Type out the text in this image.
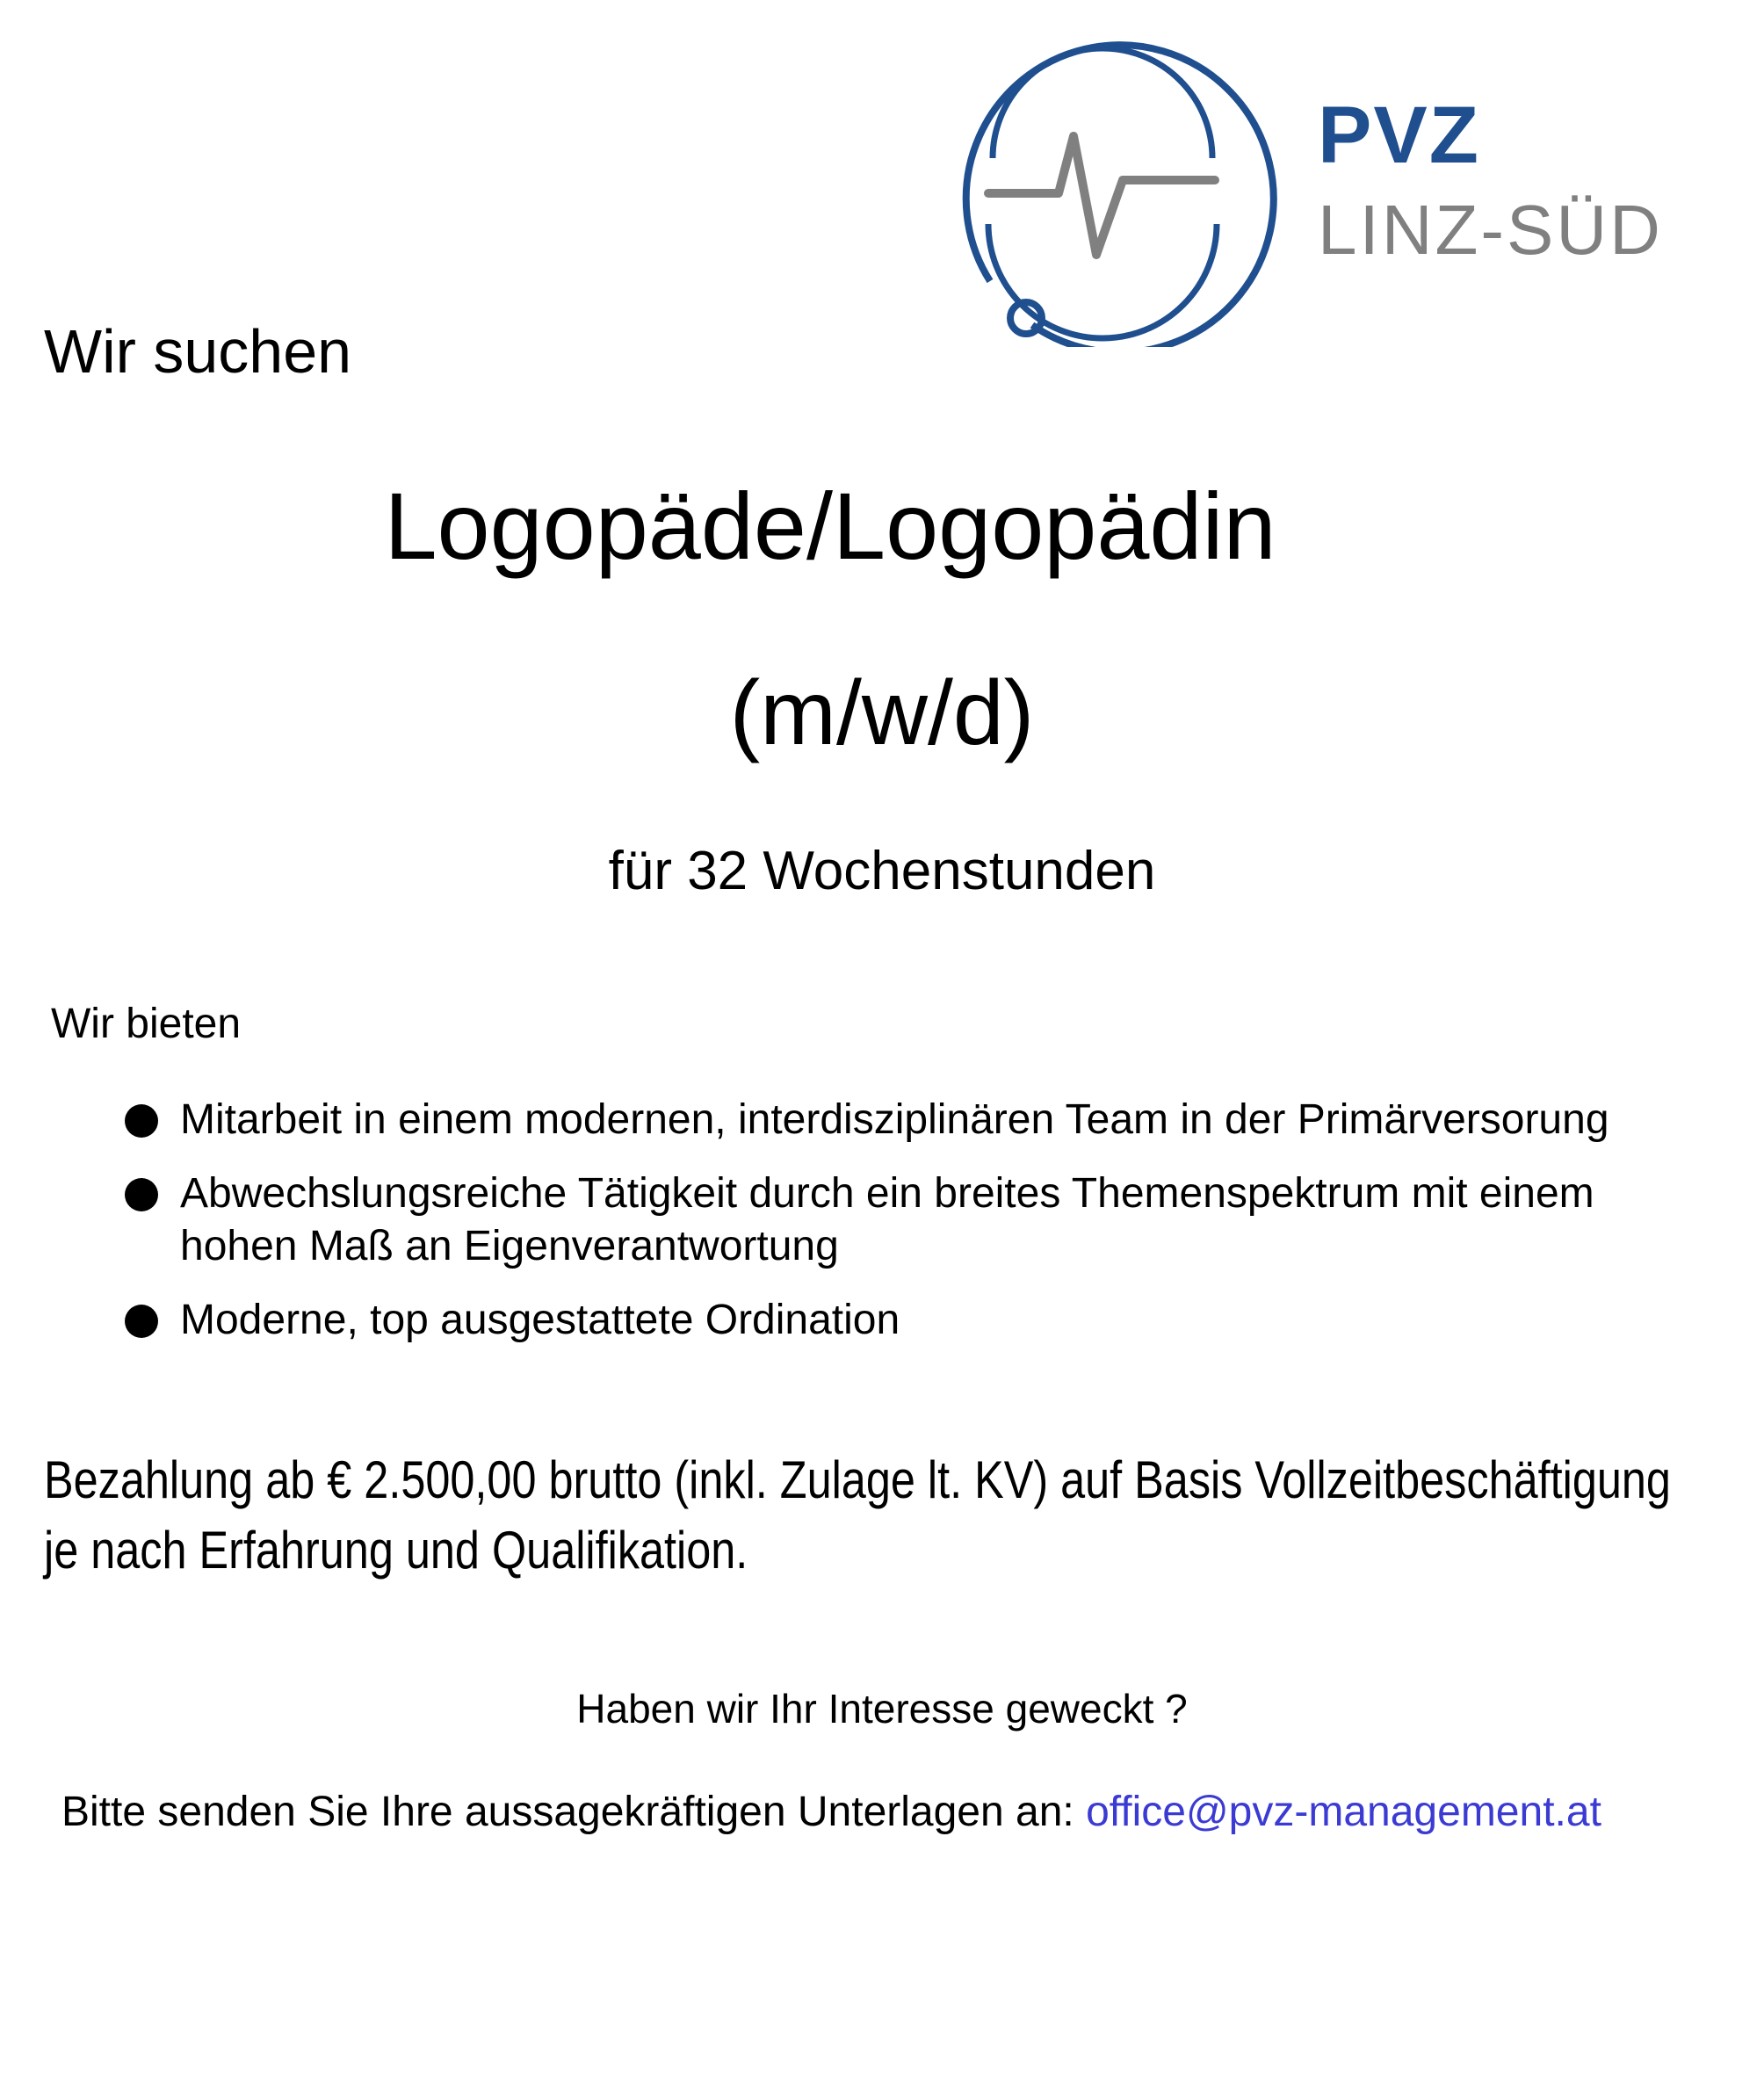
PVZ
LINZ-SÜD

Wir suchen

Logopäde/Logopädin

(m/w/d)

für 32 Wochenstunden

Wir bieten

Mitarbeit in einem modernen, interdisziplinären Team in der Primärversorung
Abwechslungsreiche Tätigkeit durch ein breites Themenspektrum mit einem hohen Maß an Eigenverantwortung
Moderne, top ausgestattete Ordination
Bezahlung ab € 2.500,00 brutto (inkl. Zulage lt. KV) auf Basis Vollzeitbeschäftigung
je nach Erfahrung und Qualifikation.

Haben wir Ihr Interesse geweckt ?

Bitte senden Sie Ihre aussagekräftigen Unterlagen an: office@pvz-management.at
